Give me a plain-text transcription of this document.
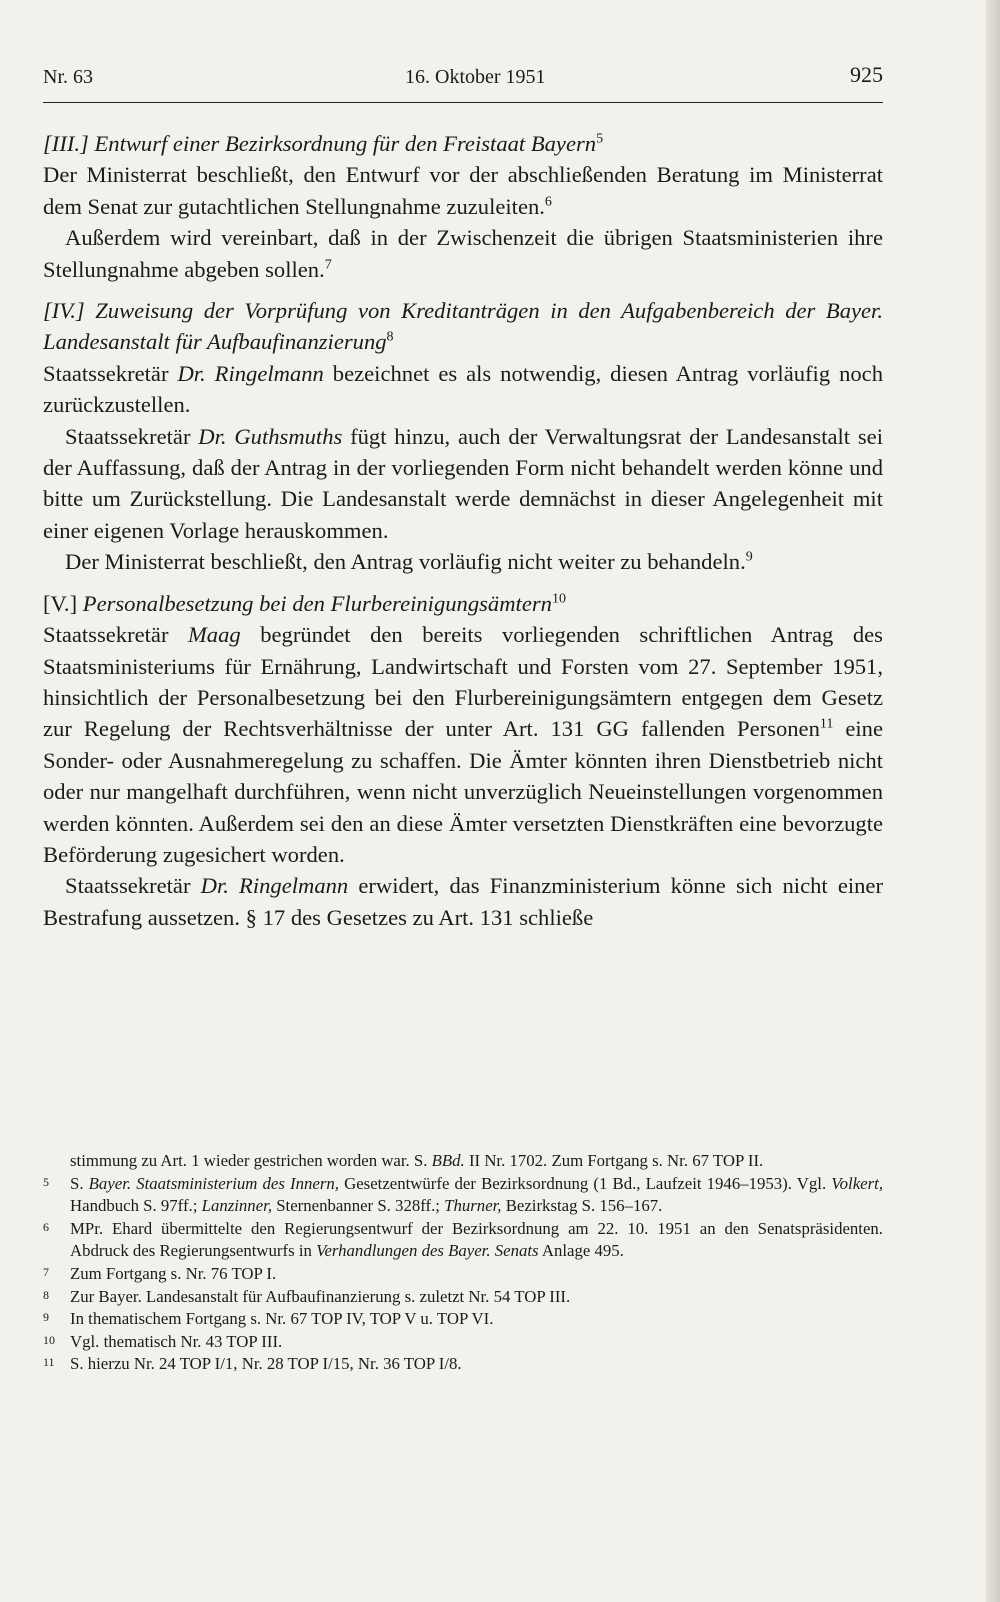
Nr. 63	16. Oktober 1951	925

[III.] Entwurf einer Bezirksordnung für den Freistaat Bayern$^5$

Der Ministerrat beschließt, den Entwurf vor der abschließenden Beratung im Ministerrat dem Senat zur gutachtlichen Stellungnahme zuzuleiten.$^6$

Außerdem wird vereinbart, daß in der Zwischenzeit die übrigen Staatsministerien ihre Stellungnahme abgeben sollen.$^7$

[IV.] Zuweisung der Vorprüfung von Kreditanträgen in den Aufgabenbereich der Bayer. Landesanstalt für Aufbaufinanzierung$^8$

Staatssekretär Dr. Ringelmann bezeichnet es als notwendig, diesen Antrag vorläufig noch zurückzustellen.

Staatssekretär Dr. Guthsmuths fügt hinzu, auch der Verwaltungsrat der Landesanstalt sei der Auffassung, daß der Antrag in der vorliegenden Form nicht behandelt werden könne und bitte um Zurückstellung. Die Landesanstalt werde demnächst in dieser Angelegenheit mit einer eigenen Vorlage herauskommen.

Der Ministerrat beschließt, den Antrag vorläufig nicht weiter zu behandeln.$^9$

[V.] Personalbesetzung bei den Flurbereinigungsämtern$^{10}$

Staatssekretär Maag begründet den bereits vorliegenden schriftlichen Antrag des Staatsministeriums für Ernährung, Landwirtschaft und Forsten vom 27. September 1951, hinsichtlich der Personalbesetzung bei den Flurbereinigungsämtern entgegen dem Gesetz zur Regelung der Rechtsverhältnisse der unter Art. 131 GG fallenden Personen$^{11}$ eine Sonder- oder Ausnahmeregelung zu schaffen. Die Ämter könnten ihren Dienstbetrieb nicht oder nur mangelhaft durchführen, wenn nicht unverzüglich Neueinstellungen vorgenommen werden könnten. Außerdem sei den an diese Ämter versetzten Dienstkräften eine bevorzugte Beförderung zugesichert worden.

Staatssekretär Dr. Ringelmann erwidert, das Finanzministerium könne sich nicht einer Bestrafung aussetzen. § 17 des Gesetzes zu Art. 131 schließe

stimmung zu Art. 1 wieder gestrichen worden war. S. BBd. II Nr. 1702. Zum Fortgang s. Nr. 67 TOP II.
5 S. Bayer. Staatsministerium des Innern, Gesetzentwürfe der Bezirksordnung (1 Bd., Laufzeit 1946–1953). Vgl. Volkert, Handbuch S. 97ff.; Lanzinner, Sternenbanner S. 328ff.; Thurner, Bezirkstag S. 156–167.
6 MPr. Ehard übermittelte den Regierungsentwurf der Bezirksordnung am 22. 10. 1951 an den Senatspräsidenten. Abdruck des Regierungsentwurfs in Verhandlungen des Bayer. Senats Anlage 495.
7 Zum Fortgang s. Nr. 76 TOP I.
8 Zur Bayer. Landesanstalt für Aufbaufinanzierung s. zuletzt Nr. 54 TOP III.
9 In thematischem Fortgang s. Nr. 67 TOP IV, TOP V u. TOP VI.
10 Vgl. thematisch Nr. 43 TOP III.
11 S. hierzu Nr. 24 TOP I/1, Nr. 28 TOP I/15, Nr. 36 TOP I/8.
